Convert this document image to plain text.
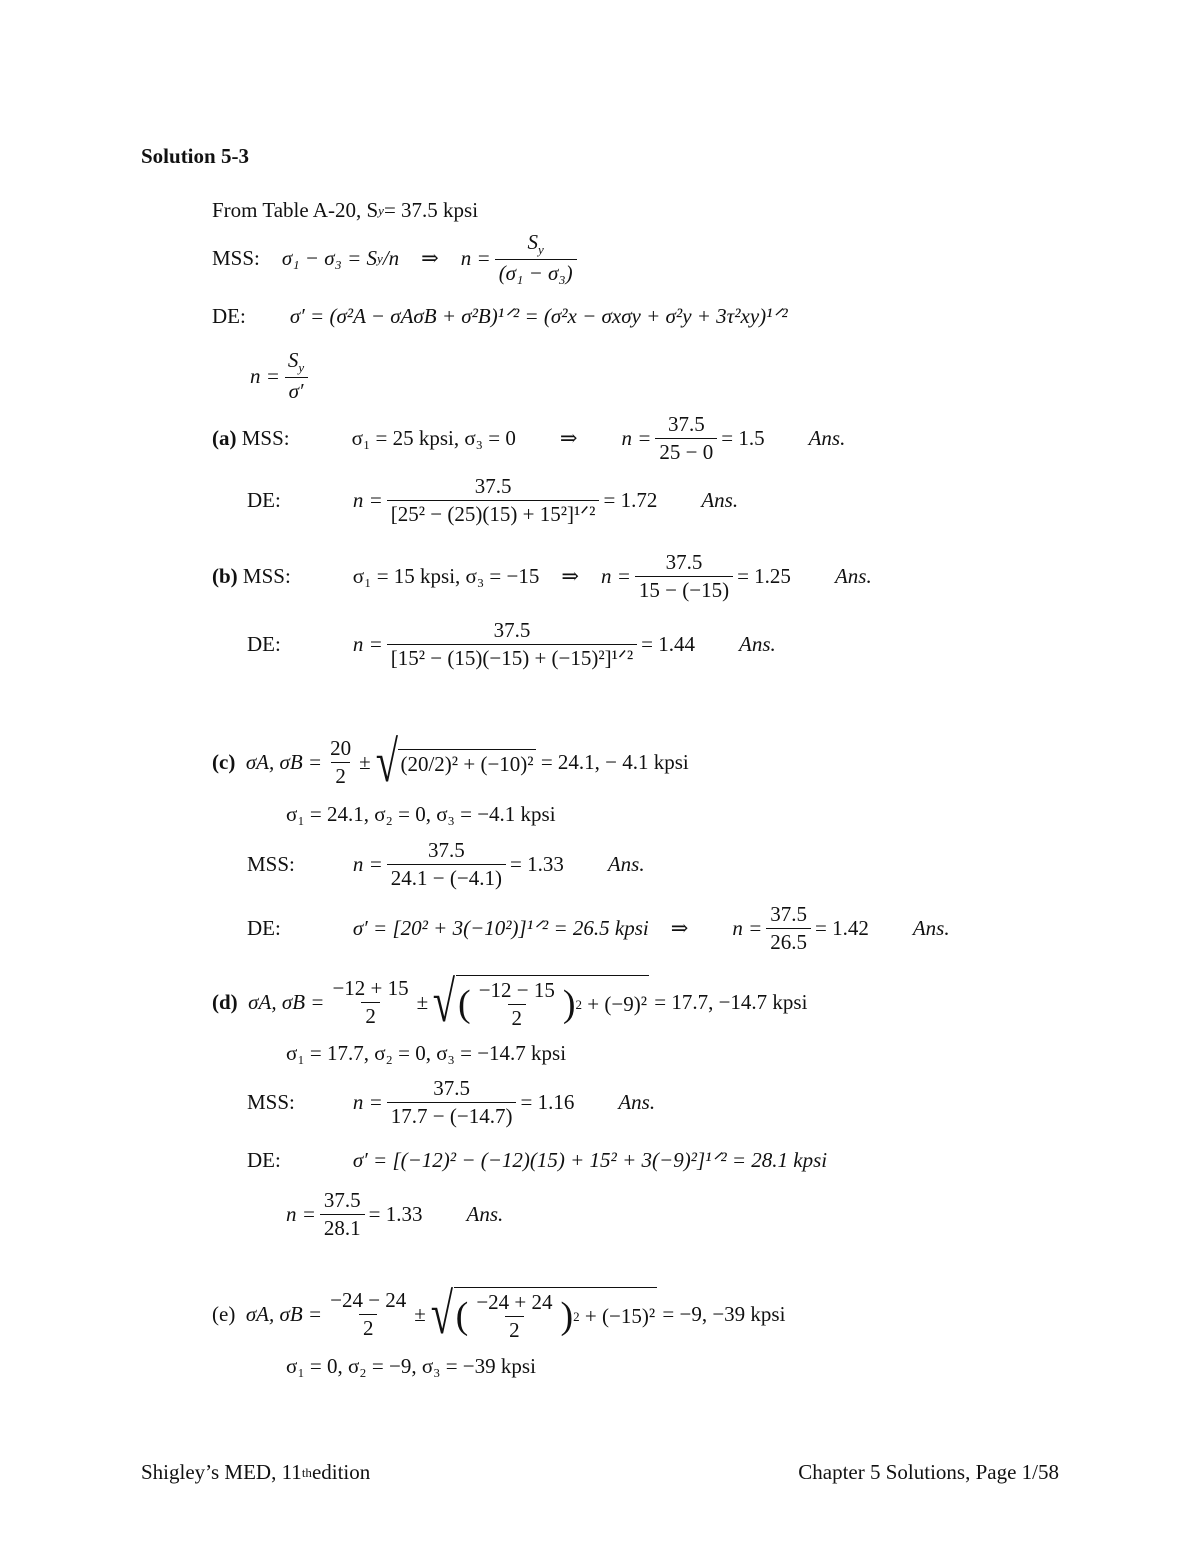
Solution 5-3
From Table A-20, S y = 37.5 kpsi
MSS: σ₁ − σ₃ = S y /n ⇒ $n = \frac{S_y}{\text{(σ₁ − σ₃)}}$
DE: σ′ = (σ²A − σAσB + σ²B)¹ᐟ² = (σ²x − σxσy + σ²y + 3τ²xy)¹ᐟ²
$n = \frac{S_y}{\sigma'}$
(a)
MSS:	σ₁ = 25 kpsi, σ₃ = 0 ⇒ $n = \frac{37.5}{25 - 0} = 1.5$ Ans.
DE:	$n = \frac{37.5}{\text{[25² − (25)(15) + 15²]¹ᐟ²}} = 1.72$ Ans.
(b)
MSS:	σ₁ = 15 kpsi, σ₃ = −15 ⇒ $n = \frac{37.5}{15 - (-15)} = 1.25$ Ans.
DE:	$n = \frac{37.5}{\text{[15² − (15)(−15) + (−15)²]¹ᐟ²}} = 1.44$ Ans.
(c)
σA, $\sigma B = \frac{20}{2}$ ± √ (20/2)² + (−10)²
= 24.1, − 4.1 kpsi
σ₁ = 24.1, σ₂ = 0, σ₃ = −4.1 kpsi
MSS:	$n = \frac{37.5}{24.1 - (-4.1)} = 1.33$ Ans.
DE:	σ′ = [20² + 3(−10²)]¹ᐟ² = 26.5 kpsi ⇒ $n = \frac{37.5}{26.5} = 1.42$ Ans.
(d)
σA, $\sigma B = \frac{-12 + 15}{2}$ ± √ ( $\frac{-12 - 15}{2}$ ) 2
+ (−9)²
= 17.7, −14.7 kpsi
σ₁ = 17.7, σ₂ = 0, σ₃ = −14.7 kpsi
MSS:	$n = \frac{37.5}{17.7 - (-14.7)} = 1.16$ Ans.
DE:	σ′ = [(−12)² − (−12)(15) + 15² + 3(−9)²]¹ᐟ² = 28.1 kpsi
$n = \frac{37.5}{28.1} = 1.33$ Ans.
(e)
σA, $\sigma B = \frac{-24 - 24}{2}$ ± √ ( $\frac{-24 + 24}{2}$ ) 2
+ (−15)²
= −9, −39 kpsi
σ₁ = 0, σ₂ = −9, σ₃ = −39 kpsi
Shigley’s MED, 11 th edition	Chapter 5 Solutions, Page 1/58
